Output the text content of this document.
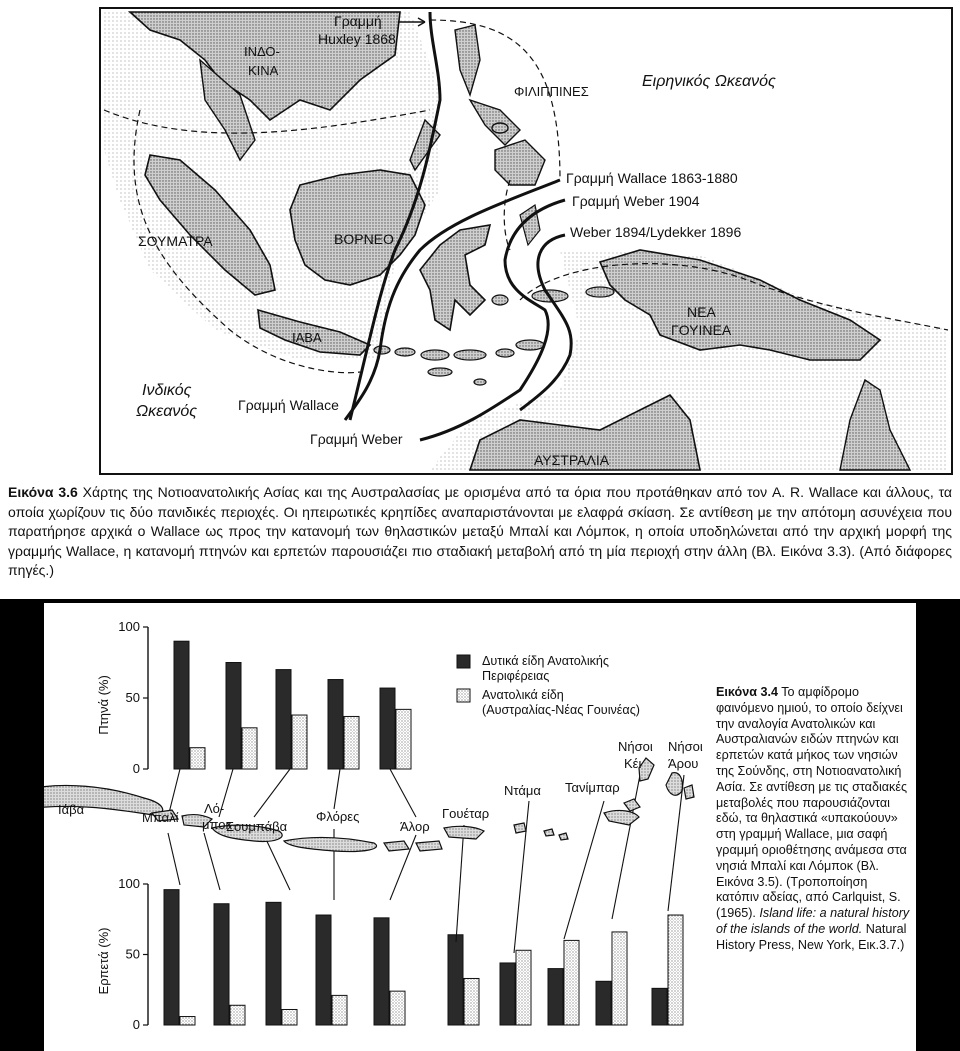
ΙΝΔΟ-
ΚΙΝΑ
ΦΙΛΙΠΠΙΝΕΣ
Ειρηνικός Ωκεανός
ΣΟΥΜΑΤΡΑ	ΒΟΡΝΕΟ
ΙΑΒΑ
ΝΕΑ
ΓΟΥΙΝΕΑ
ΑΥΣΤΡΑΛΙΑ
Ινδικός
Ωκεανός
Γραμμή
Huxley 1868
Γραμμή Wallace 1863-1880
Γραμμή Weber 1904
Weber 1894/Lydekker 1896
Γραμμή Wallace
Γραμμή Weber
Εικόνα 3.6 Χάρτης της Νοτιοανατολικής Ασίας και της Αυστραλασίας με ορισμένα από τα όρια που προτάθηκαν από τον A. R. Wallace και άλλους, τα οποία χωρίζουν τις δύο πανιδικές περιοχές. Οι ηπειρωτικές κρηπίδες αναπαριστάνονται με ελαφρά σκίαση. Σε αντίθεση με την απότομη ασυνέχεια που παρατήρησε αρχικά ο Wallace ως προς την κατανομή των θηλαστικών μεταξύ Μπαλί και Λόμποκ, η οποία υποδηλώνεται από την αρχική μορφή της γραμμής Wallace, η κατανομή πτηνών και ερπετών παρουσιάζει πιο σταδιακή μεταβολή από τη μία περιοχή στην άλλη (Βλ. Εικόνα 3.3). (Από διάφορες πηγές.)
0
50
100
0
50
100
Δυτικά είδη Ανατολικής
Περιφέρειας
Ανατολικά είδη
(Αυστραλίας-Νέας Γουινέας)
Πτηνά (%)
Ερπετά (%)
Ιάβα
Μπαλί
Λό-
μποκ
Σουμπάβα
Φλόρες
Άλορ
Γουέταρ
Ντάμα Τανίμπαρ
Νήσοι
Κέι
Νήσοι
Άρου
Εικόνα 3.4 Το αμφίδρομο φαινόμενο ημιού, το οποίο δείχνει την αναλογία Ανατολικών και Αυστραλιανών ειδών πτηνών και ερπετών κατά μήκος των νησιών της Σούνδης, στη Νοτιοανατολική Ασία. Σε αντίθεση με τις σταδιακές μεταβολές που παρουσιάζονται εδώ, τα θηλαστικά «υπακούουν» στη γραμμή Wallace, μια σαφή γραμμή οριοθέτησης ανάμεσα στα νησιά Μπαλί και Λόμποκ (Βλ. Εικόνα 3.5). (Τροποποίηση κατόπιν αδείας, από Carlquist, S. (1965). Island life: a natural history of the islands of the world. Natural History Press, New York, Εικ.3.7.)
